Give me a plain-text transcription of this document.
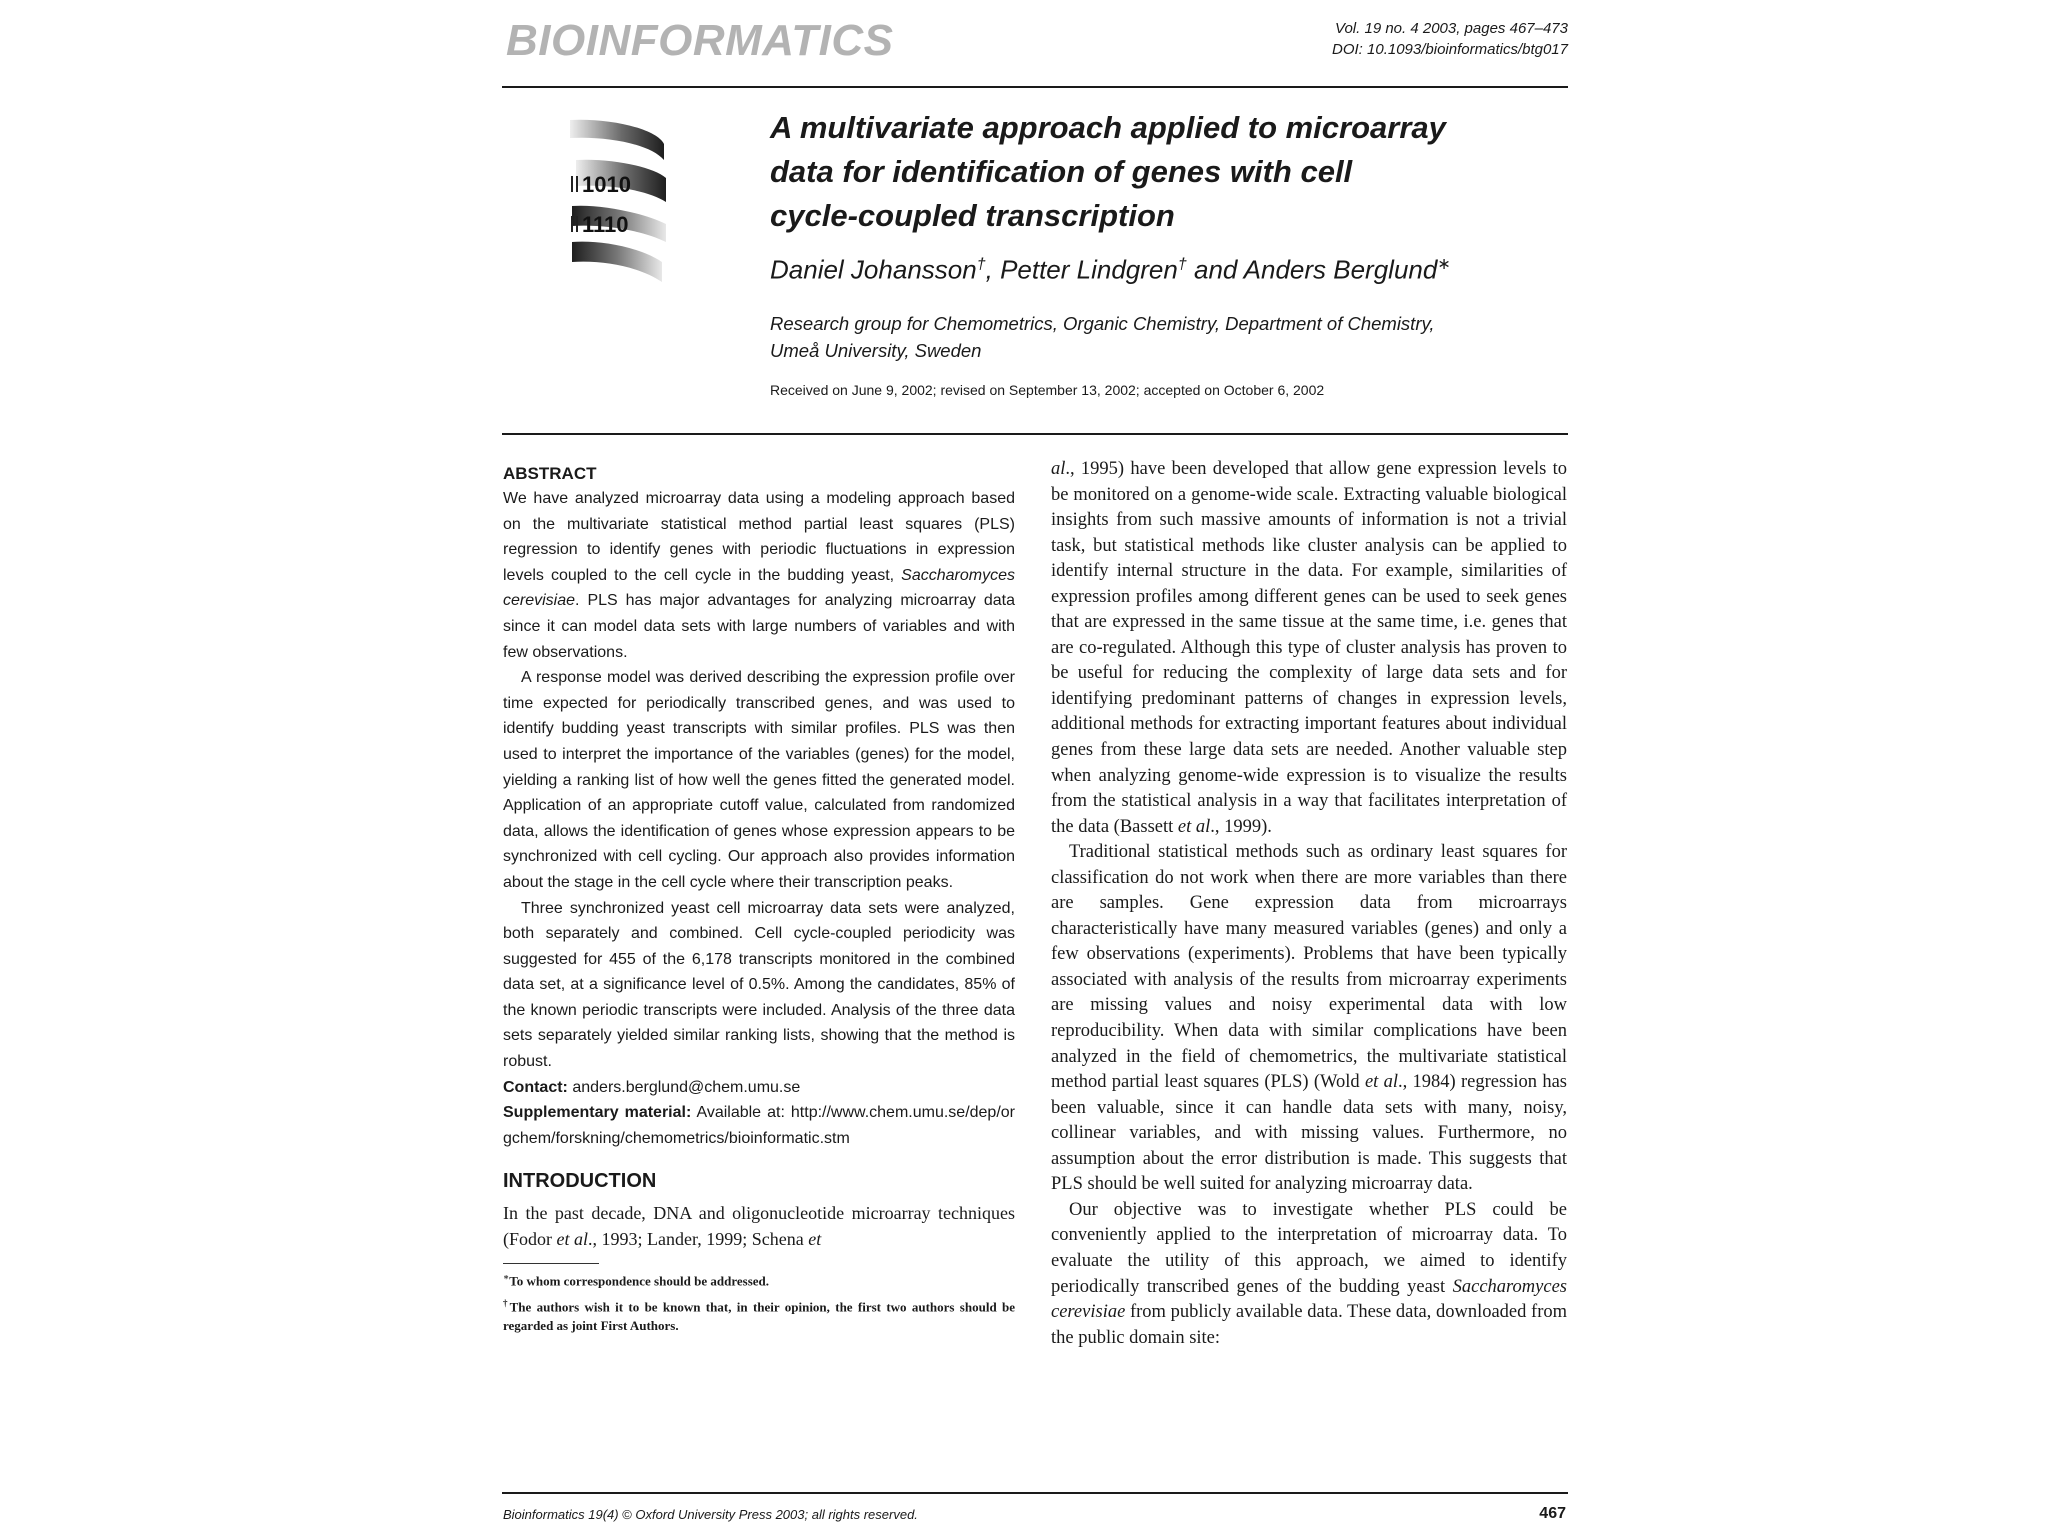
BIOINFORMATICS	Vol. 19 no. 4 2003, pages 467–473
DOI: 10.1093/bioinformatics/btg017
1010
1110
A multivariate approach applied to microarray
data for identification of genes with cell
cycle-coupled transcription
Daniel Johansson†, Petter Lindgren† and Anders Berglund∗
Research group for Chemometrics, Organic Chemistry, Department of Chemistry,
Umeå University, Sweden
Received on June 9, 2002; revised on September 13, 2002; accepted on October 6, 2002
ABSTRACT

We have analyzed microarray data using a modeling approach based on the multivariate statistical method partial least squares (PLS) regression to identify genes with periodic fluctuations in expression levels coupled to the cell cycle in the budding yeast, Saccharomyces cerevisiae. PLS has major advantages for analyzing microarray data since it can model data sets with large numbers of variables and with few observations.

A response model was derived describing the expression profile over time expected for periodically transcribed genes, and was used to identify budding yeast transcripts with similar profiles. PLS was then used to interpret the importance of the variables (genes) for the model, yielding a ranking list of how well the genes fitted the generated model. Application of an appropriate cutoff value, calculated from randomized data, allows the identification of genes whose expression appears to be synchronized with cell cycling. Our approach also provides information about the stage in the cell cycle where their transcription peaks.

Three synchronized yeast cell microarray data sets were analyzed, both separately and combined. Cell cycle-coupled periodicity was suggested for 455 of the 6,178 transcripts monitored in the combined data set, at a significance level of 0.5%. Among the candidates, 85% of the known periodic transcripts were included. Analysis of the three data sets separately yielded similar ranking lists, showing that the method is robust.

Contact: anders.berglund@chem.umu.se
Supplementary material: Available at: http://www.chem.umu.se/dep/orgchem/forskning/chemometrics/bioinformatic.stm
INTRODUCTION

In the past decade, DNA and oligonucleotide microarray techniques (Fodor et al., 1993; Lander, 1999; Schena et

∗To whom correspondence should be addressed.

†The authors wish it to be known that, in their opinion, the first two authors should be regarded as joint First Authors.

al., 1995) have been developed that allow gene expression levels to be monitored on a genome-wide scale. Extracting valuable biological insights from such massive amounts of information is not a trivial task, but statistical methods like cluster analysis can be applied to identify internal structure in the data. For example, similarities of expression profiles among different genes can be used to seek genes that are expressed in the same tissue at the same time, i.e. genes that are co-regulated. Although this type of cluster analysis has proven to be useful for reducing the complexity of large data sets and for identifying predominant patterns of changes in expression levels, additional methods for extracting important features about individual genes from these large data sets are needed. Another valuable step when analyzing genome-wide expression is to visualize the results from the statistical analysis in a way that facilitates interpretation of the data (Bassett et al., 1999).

Traditional statistical methods such as ordinary least squares for classification do not work when there are more variables than there are samples. Gene expression data from microarrays characteristically have many measured variables (genes) and only a few observations (experiments). Problems that have been typically associated with analysis of the results from microarray experiments are missing values and noisy experimental data with low reproducibility. When data with similar complications have been analyzed in the field of chemometrics, the multivariate statistical method partial least squares (PLS) (Wold et al., 1984) regression has been valuable, since it can handle data sets with many, noisy, collinear variables, and with missing values. Furthermore, no assumption about the error distribution is made. This suggests that PLS should be well suited for analyzing microarray data.

Our objective was to investigate whether PLS could be conveniently applied to the interpretation of microarray data. To evaluate the utility of this approach, we aimed to identify periodically transcribed genes of the budding yeast Saccharomyces cerevisiae from publicly available data. These data, downloaded from the public domain site:

Bioinformatics 19(4) © Oxford University Press 2003; all rights reserved.	467
